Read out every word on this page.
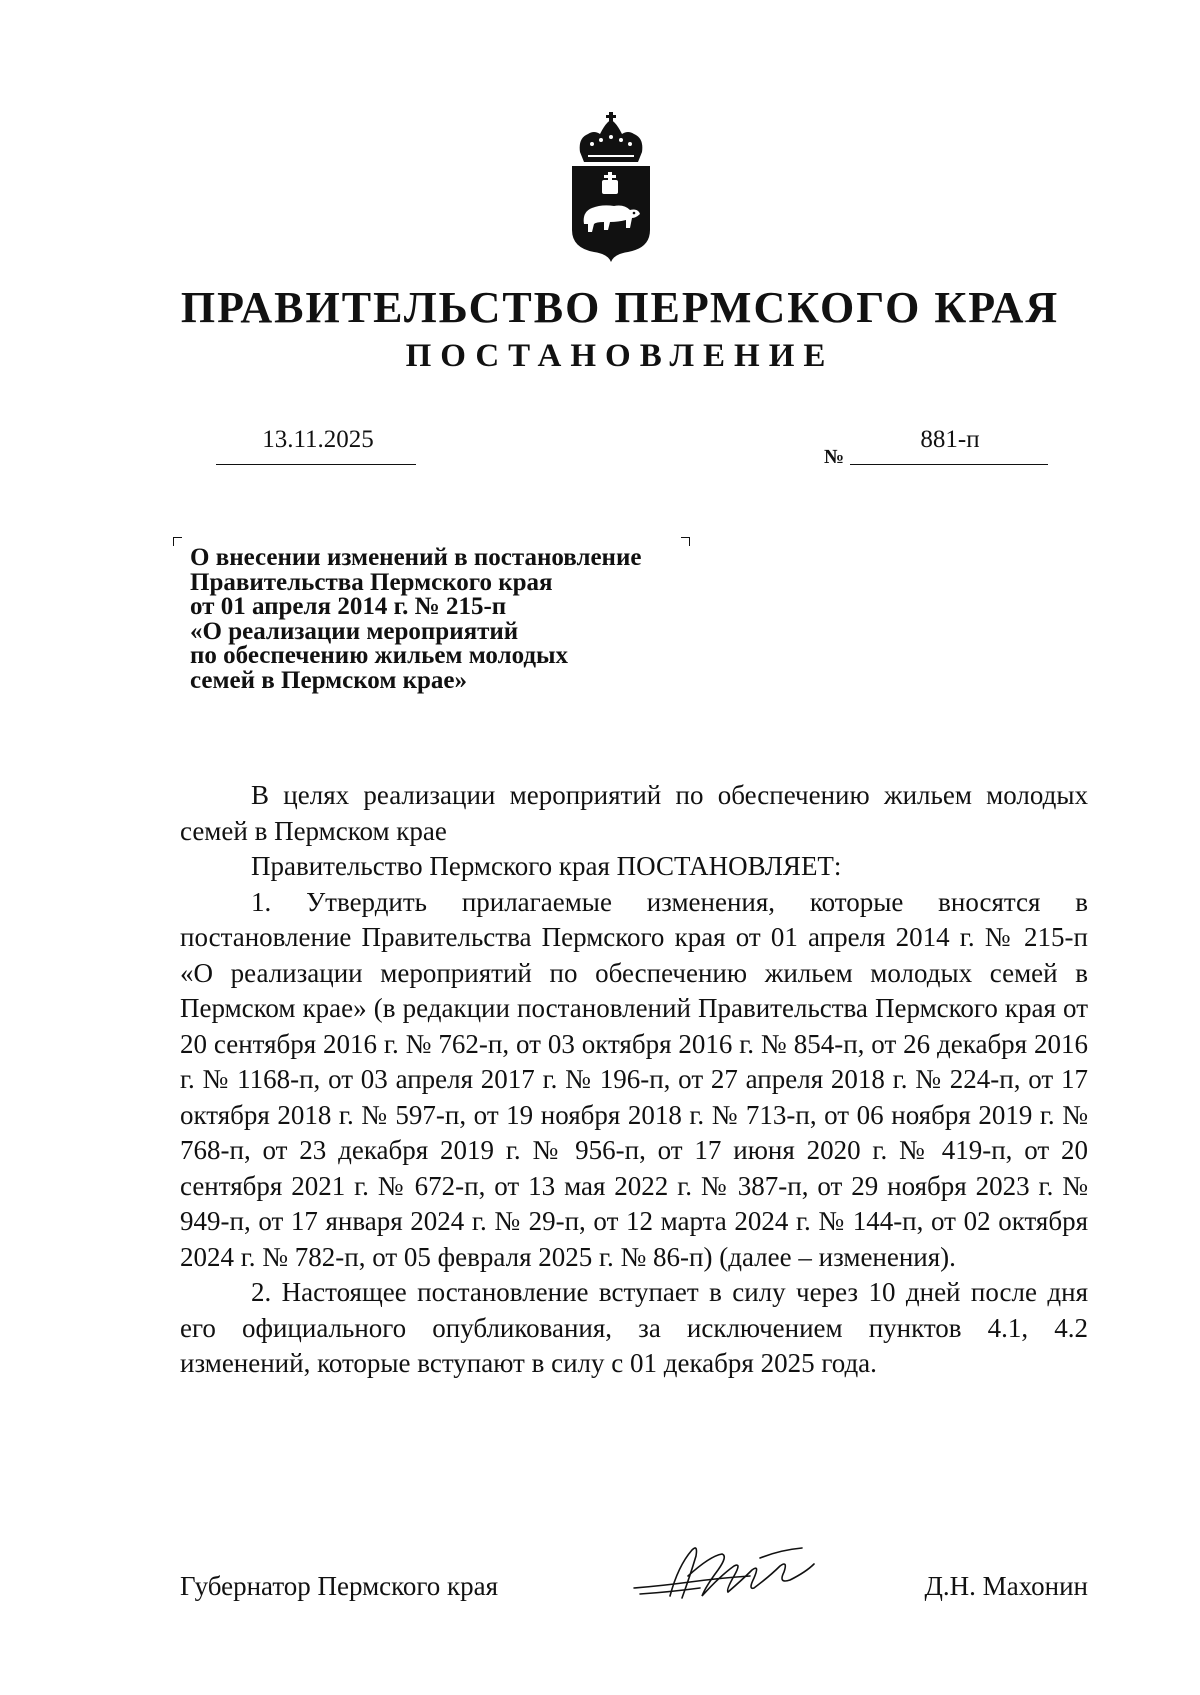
ПРАВИТЕЛЬСТВО ПЕРМСКОГО КРАЯ
ПОСТАНОВЛЕНИЕ
13.11.2025
№
881-п
О внесении изменений в постановление
Правительства Пермского края
от 01 апреля 2014 г. № 215-п
«О реализации мероприятий
по обеспечению жильем молодых
семей в Пермском крае»

В целях реализации мероприятий по обеспечению жильем молодых семей в Пермском крае

Правительство Пермского края ПОСТАНОВЛЯЕТ:

1. Утвердить прилагаемые изменения, которые вносятся в постановление Правительства Пермского края от 01 апреля 2014 г. № 215-п «О реализации мероприятий по обеспечению жильем молодых семей в Пермском крае» (в редакции постановлений Правительства Пермского края от 20 сентября 2016 г. № 762-п, от 03 октября 2016 г. № 854-п, от 26 декабря 2016 г. № 1168-п, от 03 апреля 2017 г. № 196-п, от 27 апреля 2018 г. № 224-п, от 17 октября 2018 г. № 597-п, от 19 ноября 2018 г. № 713-п, от 06 ноября 2019 г. № 768-п, от 23 декабря 2019 г. № 956-п, от 17 июня 2020 г. № 419-п, от 20 сентября 2021 г. № 672-п, от 13 мая 2022 г. № 387-п, от 29 ноября 2023 г. № 949-п, от 17 января 2024 г. № 29-п, от 12 марта 2024 г. № 144-п, от 02 октября 2024 г. № 782-п, от 05 февраля 2025 г. № 86-п) (далее – изменения).

2. Настоящее постановление вступает в силу через 10 дней после дня его официального опубликования, за исключением пунктов 4.1, 4.2 изменений, которые вступают в силу с 01 декабря 2025 года.

Губернатор Пермского края	Д.Н. Махонин
